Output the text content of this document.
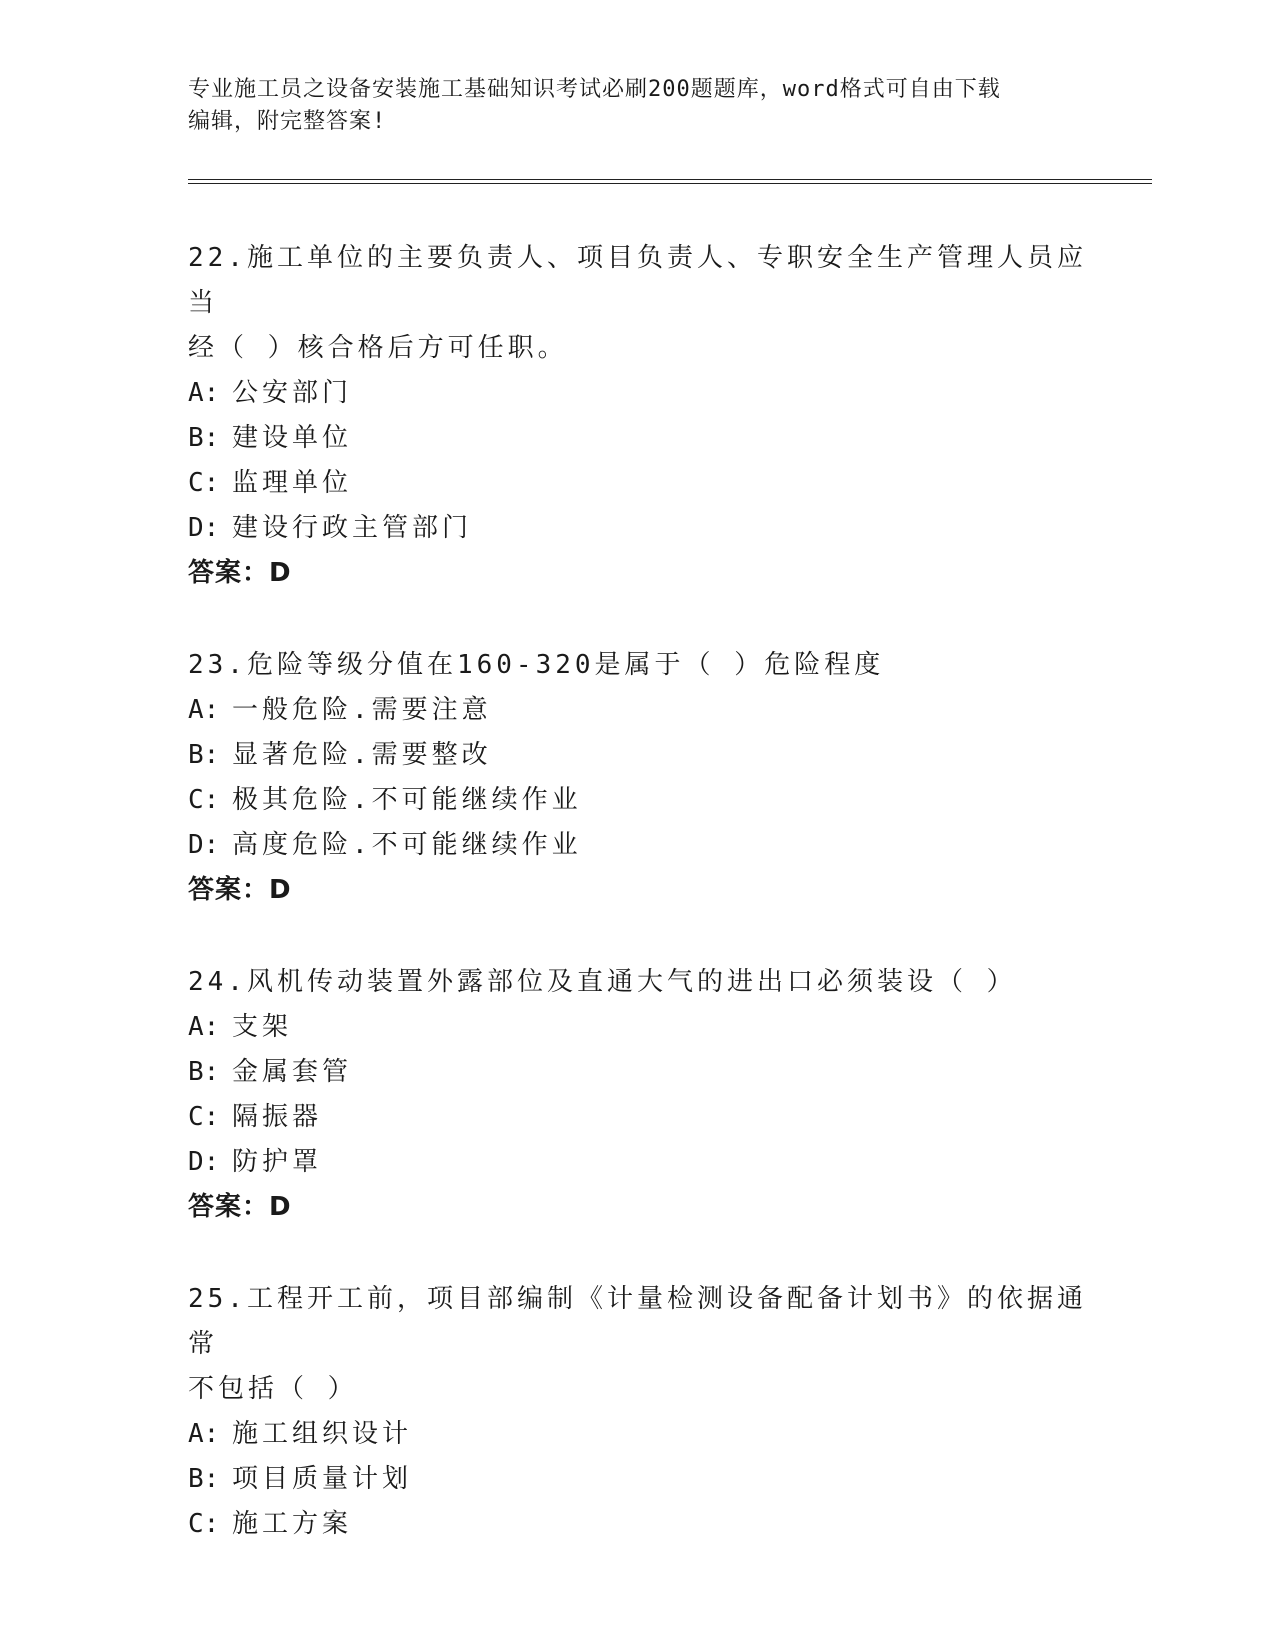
专业施工员之设备安装施工基础知识考试必刷200题题库，word格式可自由下载
编辑，附完整答案!
22.施工单位的主要负责人、项目负责人、专职安全生产管理人员应当
经（ ）核合格后方可任职。
A: 公安部门
B: 建设单位
C: 监理单位
D: 建设行政主管部门
答案：D
23.危险等级分值在160-320是属于（ ）危险程度
A: 一般危险.需要注意
B: 显著危险.需要整改
C: 极其危险.不可能继续作业
D: 高度危险.不可能继续作业
答案：D
24.风机传动装置外露部位及直通大气的进出口必须装设（ ）
A: 支架
B: 金属套管
C: 隔振器
D: 防护罩
答案：D
25.工程开工前，项目部编制《计量检测设备配备计划书》的依据通常
不包括（ ）
A: 施工组织设计
B: 项目质量计划
C: 施工方案
